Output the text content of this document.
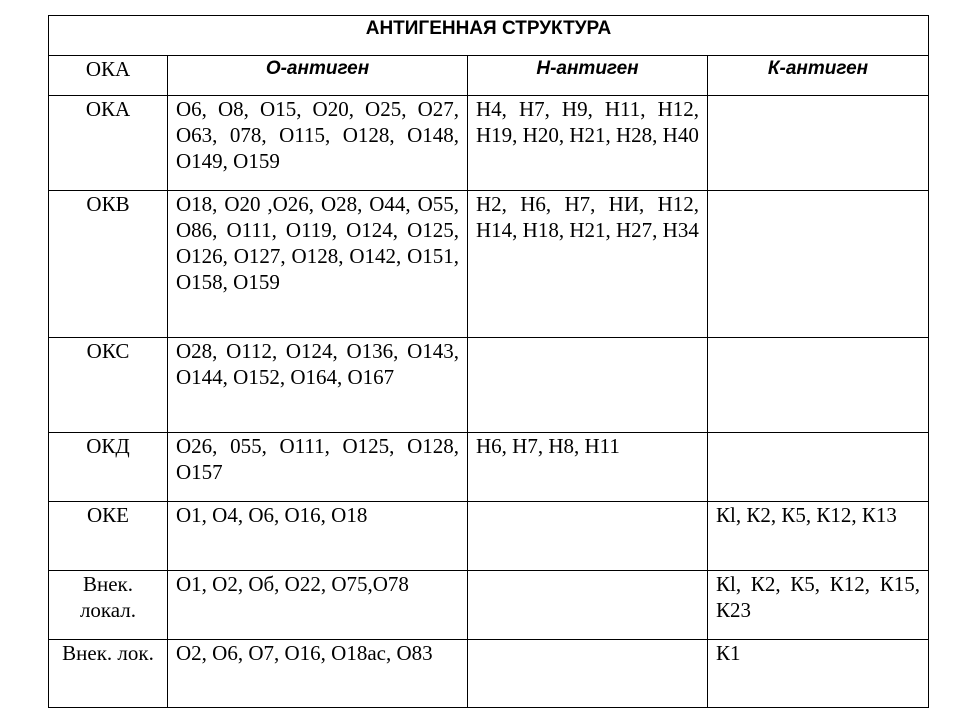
АНТИГЕННАЯ СТРУКТУРА			
ОКА	О-антиген	Н-антиген	К-антиген
ОКА	О6, О8, О15, О20, О25, О27, О63, 078, О115, О128, О148, О149, О159	Н4, Н7, Н9, Н11, Н12, Н19, Н20, Н21, Н28, Н40	
ОКВ	О18, О20 ,О26, О28, О44, О55, О86, О111, О119, О124, О125, О126, О127, О128, О142, О151, О158, О159	Н2, Н6, Н7, НИ, Н12, Н14, Н18, Н21, Н27, Н34	
ОКС	О28, О112, О124, О136, О143, О144, О152, О164, О167		
ОКД	О26, 055, О111, О125, О128, О157	Н6, Н7, Н8, Н11	
ОКЕ	О1, О4, О6, О16, О18		Кl, К2, К5, К12, К13
Внек. локал.	О1, О2, Об, О22, О75,О78		Кl, К2, К5, К12, К15, К23
Внек. лок.	О2, О6, О7, О16, О18ас, О83		К1
